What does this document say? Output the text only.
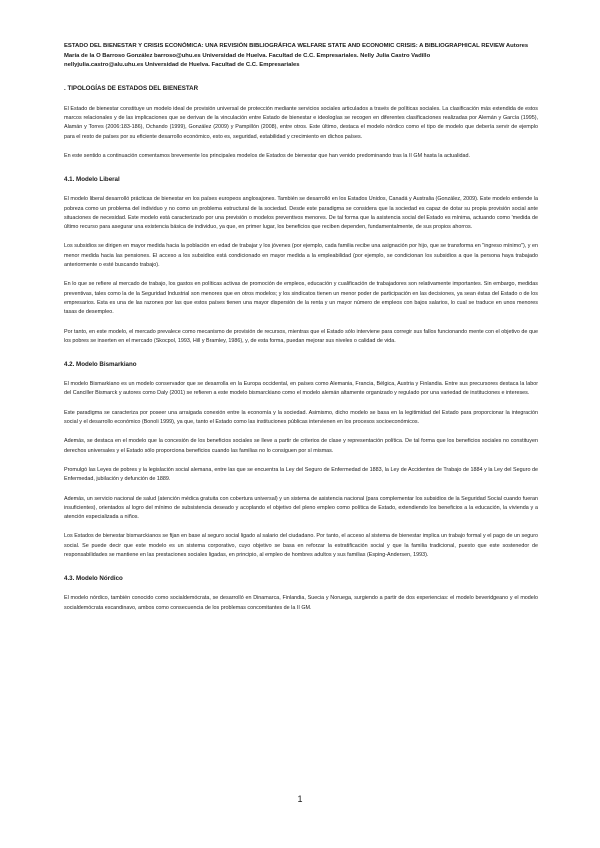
ESTADO DEL BIENESTAR Y CRISIS ECONÓMICA: UNA REVISIÓN BIBLIOGRÁFICA WELFARE STATE AND ECONOMIC CRISIS: A BIBLIOGRAPHICAL REVIEW Autores

María de la O Barroso González barroso@uhu.es Universidad de Huelva. Facultad de C.C. Empresariales. Nelly Julia Castro Vadillo

nellyjulia.castro@alu.uhu.es Universidad de Huelva. Facultad de C.C. Empresariales

. TIPOLOGÍAS DE ESTADOS DEL BIENESTAR

El Estado de bienestar constituye un modelo ideal de provisión universal de protección mediante servicios sociales articulados a través de políticas sociales. La clasificación más extendida de estos marcos relacionales y de las implicaciones que se derivan de la vinculación entre Estado de bienestar e ideologías se recogen en diferentes clasificaciones realizadas por Alemán y García (1995), Alamán y Torres (2006:183-186), Ochando (1999), González (2009) y Pampillón (2008), entre otros. Este último, destaca el modelo nórdico como el tipo de modelo que debería servir de ejemplo para el resto de países por su eficiente desarrollo económico, esto es, seguridad, estabilidad y crecimiento en dichos países.

En este sentido a continuación comentamos brevemente los principales modelos de Estados de bienestar que han venido predominando tras la II GM hasta la actualidad.

4.1. Modelo Liberal

El modelo liberal desarrolló prácticas de bienestar en los países europeos anglosajones. También se desarrolló en los Estados Unidos, Canadá y Australia (González, 2009). Este modelo entiende la pobreza como un problema del individuo y no como un problema estructural de la sociedad. Desde este paradigma se considera que la sociedad es capaz de dotar su propia provisión social ante situaciones de necesidad. Este modelo está caracterizado por una previsión o modelos preventivos menores. De tal forma que la asistencia social del Estado es mínima, actuando como 'medida de último recurso para asegurar una existencia básica de individuo, ya que, en primer lugar, los beneficios que reciben dependen, fundamentalmente, de sus propios ahorros.

Los subsidios se dirigen en mayor medida hacia la población en edad de trabajar y los jóvenes (por ejemplo, cada familia recibe una asignación por hijo, que se transforma en "ingreso mínimo"), y en menor medida hacia las pensiones. El acceso a los subsidios está condicionado en mayor medida a la empleabilidad (por ejemplo, se condicionan los subsidios a que la persona haya trabajado anteriormente o esté buscando trabajo).

En lo que se refiere al mercado de trabajo, los gastos en políticas activas de promoción de empleos, educación y cualificación de trabajadores son relativamente importantes. Sin embargo, medidas preventivas, tales como la de la Seguridad Industrial son menores que en otros modelos; y los sindicatos tienen un menor poder de participación en las decisiones, ya sean éstas del Estado o de los empresarios. Esta es una de las razones por las que estos países tienen una mayor dispersión de la renta y un mayor número de empleos con bajos salarios, lo cual se traduce en unos menores tasas de desempleo.

Por tanto, en este modelo, el mercado prevalece como mecanismo de provisión de recursos, mientras que el Estado sólo interviene para corregir sus fallos funcionando mente con el objetivo de que los pobres se inserten en el mercado (Skocpol, 1993, Hill y Bramley, 1986), y, de esta forma, puedan mejorar sus niveles o calidad de vida.

4.2. Modelo Bismarkiano

El modelo Bismarkiano es un modelo conservador que se desarrolla en la Europa occidental, en países como Alemania, Francia, Bélgica, Austria y Finlandia. Entre sus precursores destaca la labor del Canciller Bismarck y autores como Daly (2001) se refieren a este modelo bismarckiano como el modelo alemán altamente organizado y regulado por una variedad de instituciones e intereses.

Este paradigma se caracteriza por poseer una arraigada conexión entre la economía y la sociedad. Asimismo, dicho modelo se basa en la legitimidad del Estado para proporcionar la integración social y el desarrollo económico (Bonoli 1999), ya que, tanto el Estado como las instituciones públicas intervienen en los procesos socioeconómicos.

Además, se destaca en el modelo que la concesión de los beneficios sociales se lleve a partir de criterios de clase y representación política. De tal forma que los beneficios sociales no constituyen derechos universales y el Estado sólo proporciona beneficios cuando las familias no lo consiguen por sí mismas.

Promulgó las Leyes de pobres y la legislación social alemana, entre las que se encuentra la Ley del Seguro de Enfermedad de 1883, la Ley de Accidentes de Trabajo de 1884 y la Ley del Seguro de Enfermedad, jubilación y defunción de 1889.

Además, un servicio nacional de salud (atención médica gratuita con cobertura universal) y un sistema de asistencia nacional (para complementar los subsidios de la Seguridad Social cuando fueran insuficientes), orientados al logro del mínimo de subsistencia deseado y acoplando el objetivo del pleno empleo como política de Estado, extendiendo los beneficios a la educación, la vivienda y a atención especializada a niños.

Los Estados de bienestar bismarckianos se fijan en base al seguro social ligado al salario del ciudadano. Por tanto, el acceso al sistema de bienestar implica un trabajo formal y el pago de un seguro social. Se puede decir que este modelo es un sistema corporativo, cuyo objetivo se basa en reforzar la estratificación social y que la familia tradicional, puesto que este sostenedor de responsabilidades se mantiene en las prestaciones sociales ligadas, en principio, al empleo de hombres adultos y sus familias (Esping-Andersen, 1993).

4.3. Modelo Nórdico

El modelo nórdico, también conocido como socialdemócrata, se desarrolló en Dinamarca, Finlandia, Suecia y Noruega, surgiendo a partir de dos experiencias: el modelo beveridgeano y el modelo socialdemócrata escandinavo, ambos como consecuencia de los problemas concomitantes de la II GM.

1
